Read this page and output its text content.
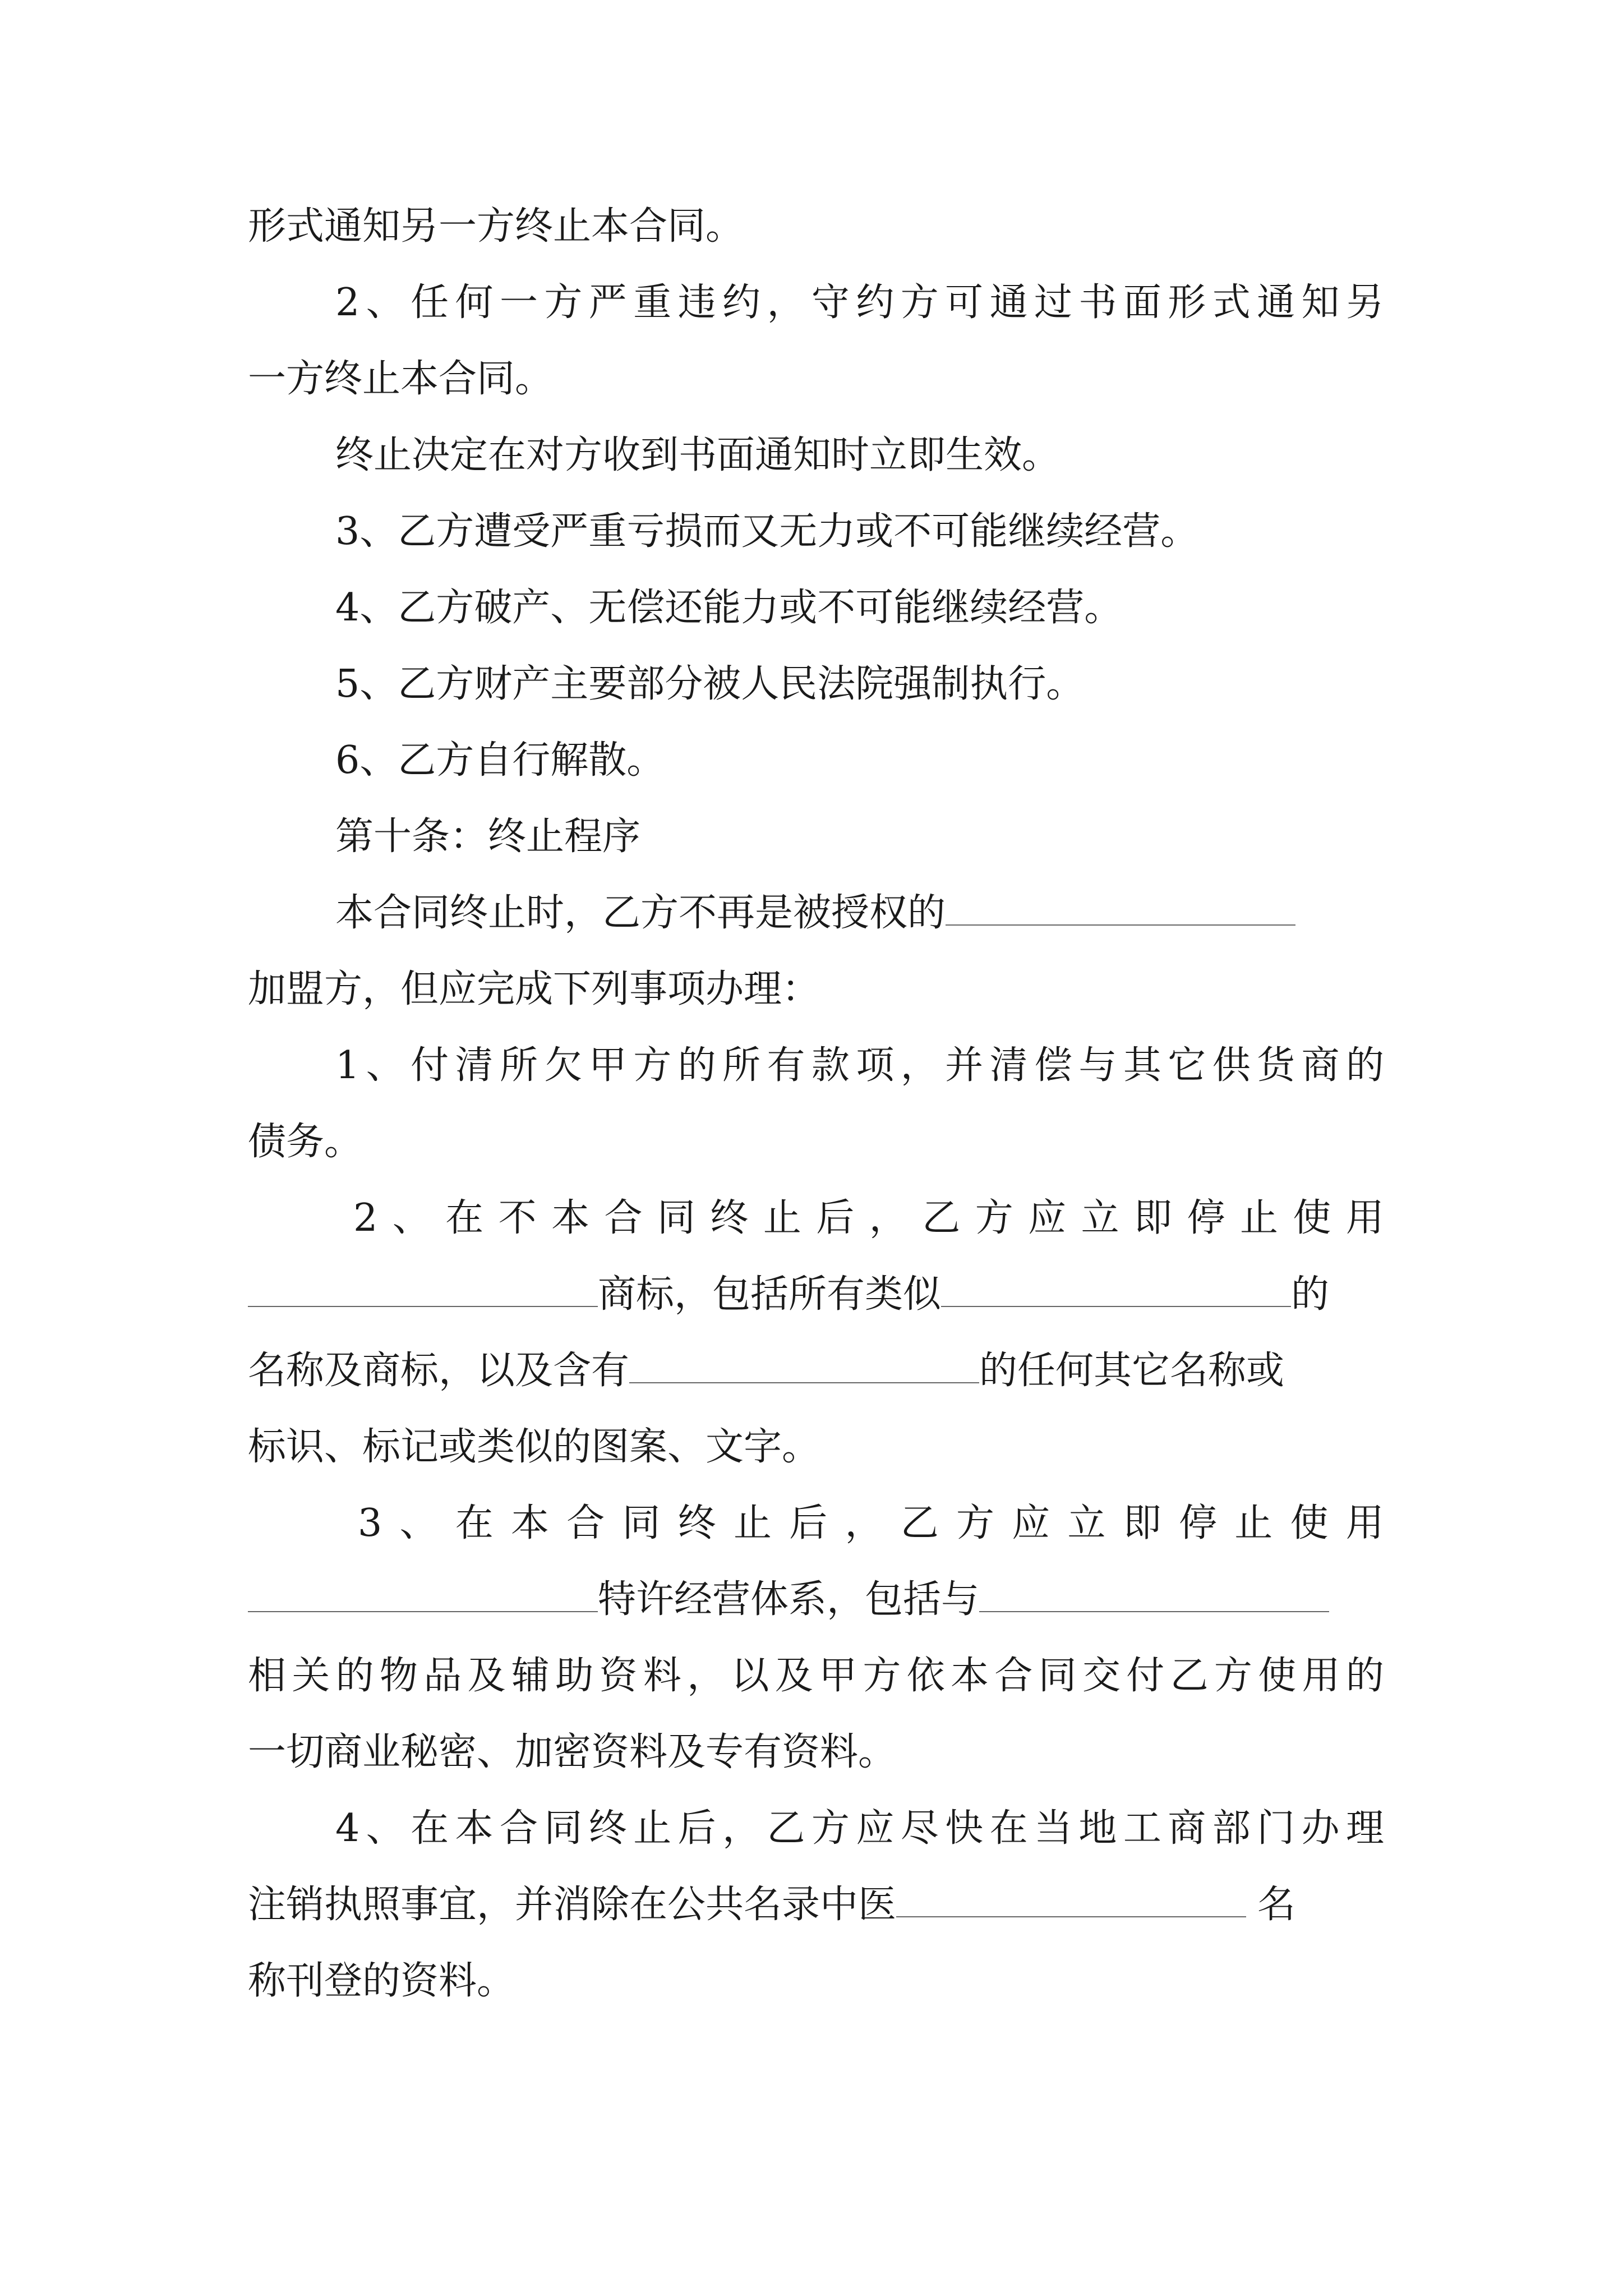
形式通知另一方终止本合同。
2 、 任 何 一 方 严 重 违 约 ， 守 约 方 可 通 过 书 面 形 式 通 知 另
一方终止本合同。
终止决定在对方收到书面通知时立即生效。
3、乙方遭受严重亏损而又无力或不可能继续经营。
4、乙方破产、无偿还能力或不可能继续经营。
5、乙方财产主要部分被人民法院强制执行。
6、乙方自行解散。
第十条：终止程序
本合同终止时，乙方不再是被授权的
加盟方，但应完成下列事项办理：
1 、 付 清 所 欠 甲 方 的 所 有 款 项 ， 并 清 偿 与 其 它 供 货 商 的
债务。
2 、 在 不 本 合 同 终 止 后 ， 乙 方 应 立 即 停 止 使 用
商标，包括所有类似	的
名称及商标，以及含有	的任何其它名称或
标识、标记或类似的图案、文字。
3 、 在 本 合 同 终 止 后 ， 乙 方 应 立 即 停 止 使 用
特许经营体系，包括与
相 关 的 物 品 及 辅 助 资 料 ， 以 及 甲 方 依 本 合 同 交 付 乙 方 使 用 的
一切商业秘密、加密资料及专有资料。
4 、 在 本 合 同 终 止 后 ， 乙 方 应 尽 快 在 当 地 工 商 部 门 办 理
注销执照事宜，并消除在公共名录中医	名
称刊登的资料。
